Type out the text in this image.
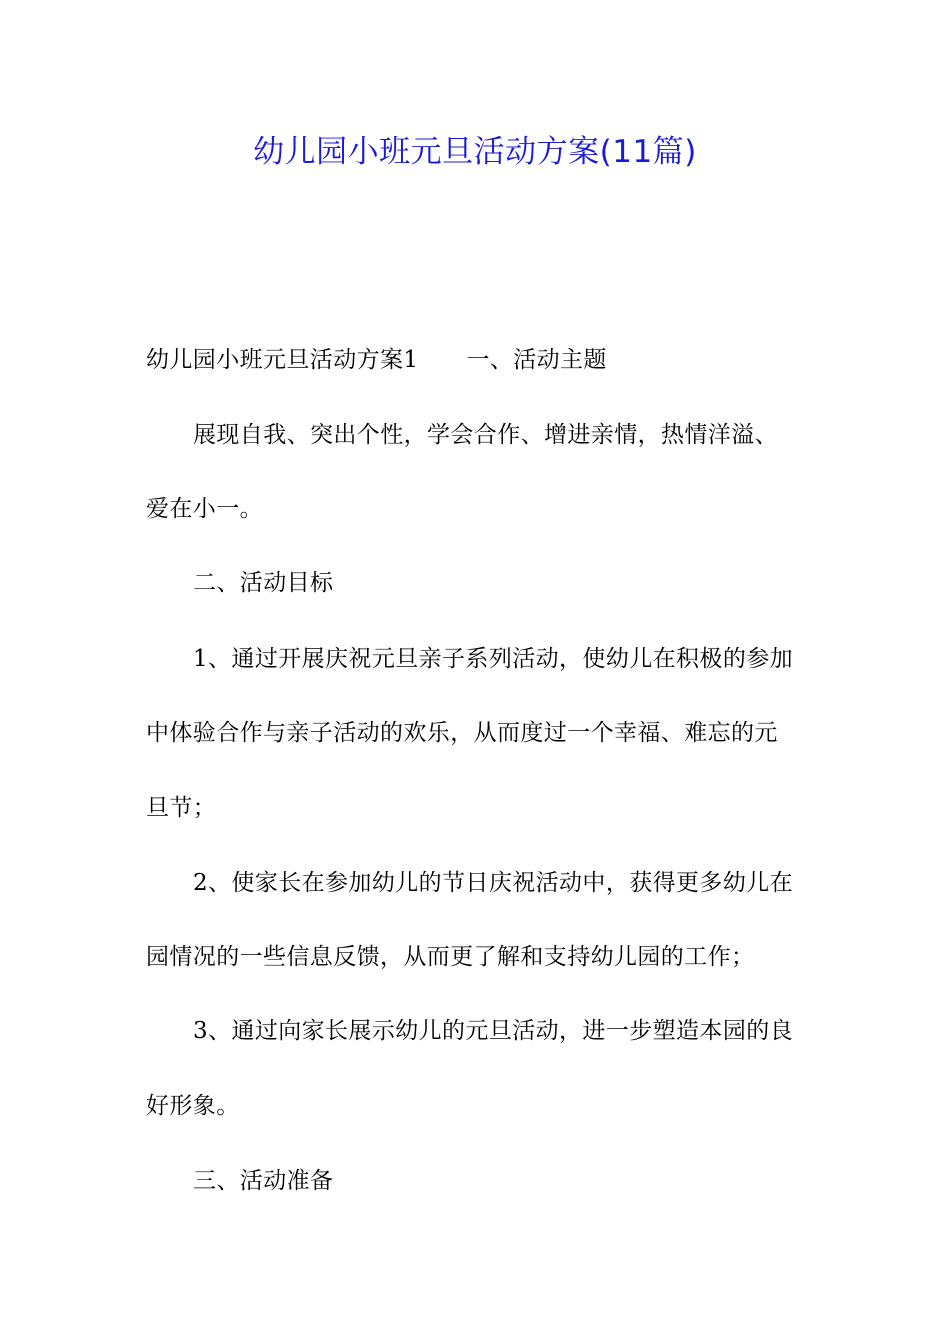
幼儿园小班元旦活动方案(11篇)
幼儿园小班元旦活动方案1 一、活动主题
展现自我、突出个性，学会合作、增进亲情，热情洋溢、
爱在小一。
二、活动目标
1、通过开展庆祝元旦亲子系列活动，使幼儿在积极的参加
中体验合作与亲子活动的欢乐，从而度过一个幸福、难忘的元
旦节；
2、使家长在参加幼儿的节日庆祝活动中，获得更多幼儿在
园情况的一些信息反馈，从而更了解和支持幼儿园的工作；
3、通过向家长展示幼儿的元旦活动，进一步塑造本园的良
好形象。
三、活动准备
